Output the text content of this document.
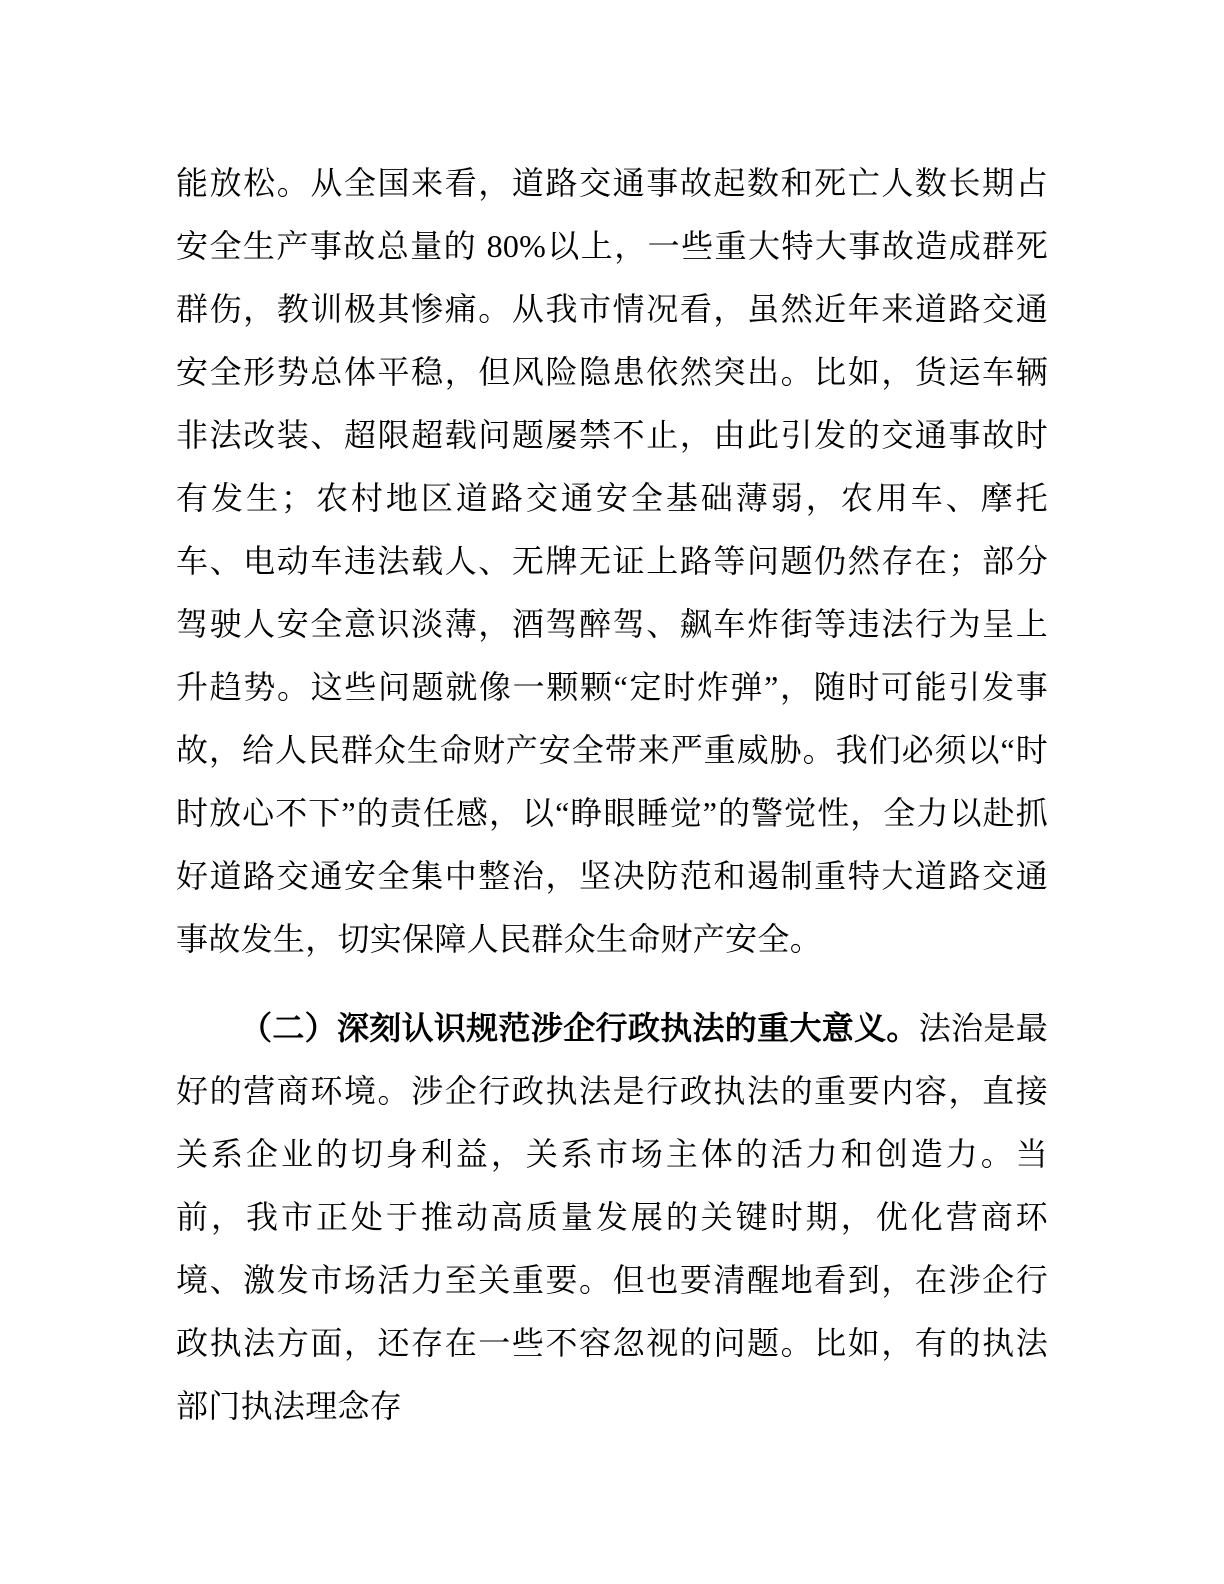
能放松。从全国来看，道路交通事故起数和死亡人数长期占安全生产事故总量的 80%以上，一些重大特大事故造成群死群伤，教训极其惨痛。从我市情况看，虽然近年来道路交通安全形势总体平稳，但风险隐患依然突出。比如，货运车辆非法改装、超限超载问题屡禁不止，由此引发的交通事故时有发生；农村地区道路交通安全基础薄弱，农用车、摩托车、电动车违法载人、无牌无证上路等问题仍然存在；部分驾驶人安全意识淡薄，酒驾醉驾、飙车炸街等违法行为呈上升趋势。这些问题就像一颗颗“定时炸弹”，随时可能引发事故，给人民群众生命财产安全带来严重威胁。我们必须以“时时放心不下”的责任感，以“睁眼睡觉”的警觉性，全力以赴抓好道路交通安全集中整治，坚决防范和遏制重特大道路交通事故发生，切实保障人民群众生命财产安全。

（二）深刻认识规范涉企行政执法的重大意义。法治是最好的营商环境。涉企行政执法是行政执法的重要内容，直接关系企业的切身利益，关系市场主体的活力和创造力。当前，我市正处于推动高质量发展的关键时期，优化营商环境、激发市场活力至关重要。但也要清醒地看到，在涉企行政执法方面，还存在一些不容忽视的问题。比如，有的执法部门执法理念存
